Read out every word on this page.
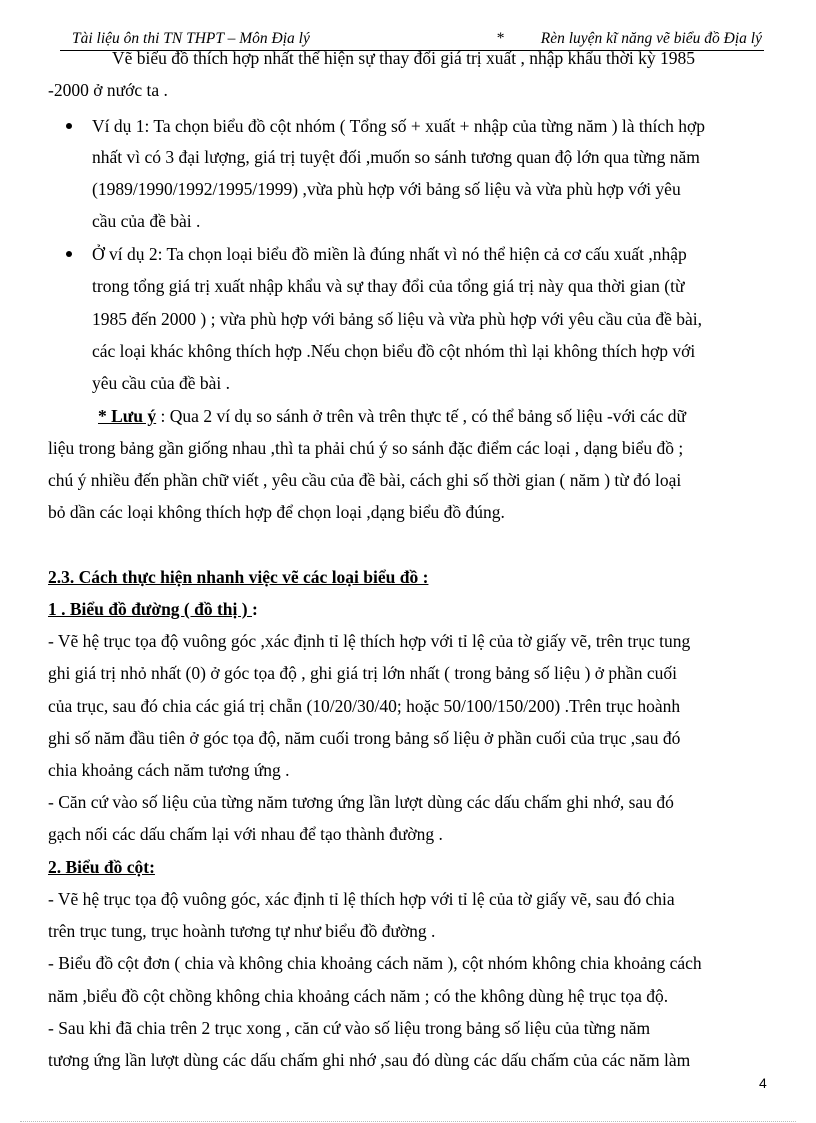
Tài liệu ôn thi TN THPT – Môn Địa lý	* Rèn luyện kĩ năng vẽ biểu đồ Địa lý
Vẽ biểu đồ thích hợp nhất thể hiện sự thay đổi giá trị xuất , nhập khẩu thời kỳ 1985
-2000 ở nước ta .
Ví dụ 1: Ta chọn biểu đồ cột nhóm ( Tổng số + xuất + nhập của từng năm ) là thích hợp
nhất vì có 3 đại lượng, giá trị tuyệt đối ,muốn so sánh tương quan độ lớn qua từng năm
(1989/1990/1992/1995/1999) ,vừa phù hợp với bảng số liệu và vừa phù hợp với yêu
cầu của đề bài .
Ở ví dụ 2: Ta chọn loại biểu đồ miền là đúng nhất vì nó thể hiện cả cơ cấu xuất ,nhập
trong tổng giá trị xuất nhập khẩu và sự thay đổi của tổng giá trị này qua thời gian (từ
1985 đến 2000 ) ; vừa phù hợp với bảng số liệu và vừa phù hợp với yêu cầu của đề bài,
các loại khác không thích hợp .Nếu chọn biểu đồ cột nhóm thì lại không thích hợp với
yêu cầu của đề bài .
* Lưu ý : Qua 2 ví dụ so sánh ở trên và trên thực tế , có thể bảng số liệu -với các dữ
liệu trong bảng gần giống nhau ,thì ta phải chú ý so sánh đặc điểm các loại , dạng biểu đồ ;
chú ý nhiều đến phần chữ viết , yêu cầu của đề bài, cách ghi số thời gian ( năm ) từ đó loại
bỏ dần các loại không thích hợp để chọn loại ,dạng biểu đồ đúng.
2.3. Cách thực hiện nhanh việc vẽ các loại biểu đồ :
1 . Biểu đồ đường ( đồ thị ) :
- Vẽ hệ trục tọa độ vuông góc ,xác định tỉ lệ thích hợp với tỉ lệ của tờ giấy vẽ, trên trục tung
ghi giá trị nhỏ nhất (0) ở góc tọa độ , ghi giá trị lớn nhất ( trong bảng số liệu ) ở phần cuối
của trục, sau đó chia các giá trị chẵn (10/20/30/40; hoặc 50/100/150/200) .Trên trục hoành
ghi số năm đầu tiên ở góc tọa độ, năm cuối trong bảng số liệu ở phần cuối của trục ,sau đó
chia khoảng cách năm tương ứng .
- Căn cứ vào số liệu của từng năm tương ứng lần lượt dùng các dấu chấm ghi nhớ, sau đó
gạch nối các dấu chấm lại với nhau để tạo thành đường .
2. Biểu đồ cột:
- Vẽ hệ trục tọa độ vuông góc, xác định tỉ lệ thích hợp với tỉ lệ của tờ giấy vẽ, sau đó chia
trên trục tung, trục hoành tương tự như biểu đồ đường .
- Biểu đồ cột đơn ( chia và không chia khoảng cách năm ), cột nhóm không chia khoảng cách
năm ,biểu đồ cột chồng không chia khoảng cách năm ; có the không dùng hệ trục tọa độ.
- Sau khi đã chia trên 2 trục xong , căn cứ vào số liệu trong bảng số liệu của từng năm
tương ứng lần lượt dùng các dấu chấm ghi nhớ ,sau đó dùng các dấu chấm của các năm làm
4
